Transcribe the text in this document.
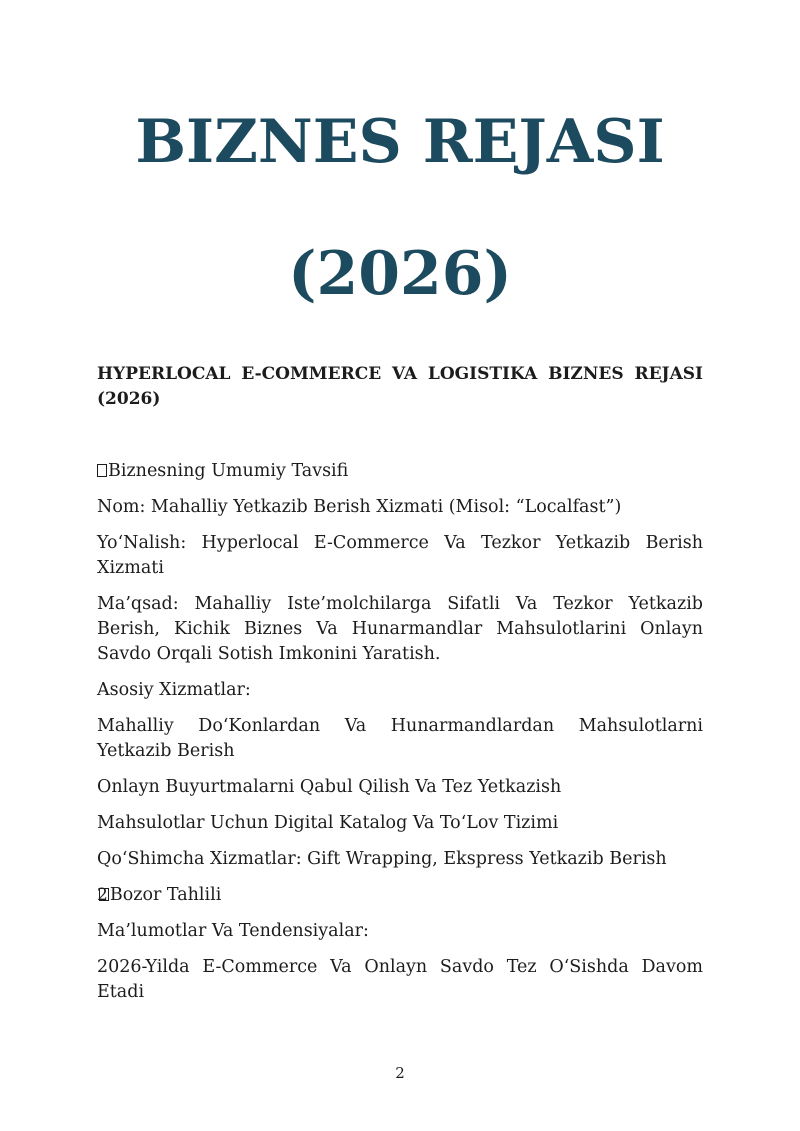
BIZNES REJASI
(2026)

HYPERLOCAL E-COMMERCE VA LOGISTIKA BIZNES REJASI (2026)

Biznesning Umumiy Tavsifi

Nom: Mahalliy Yetkazib Berish Xizmati (Misol: “Localfast”)

Yo‘Nalish: Hyperlocal E-Commerce Va Tezkor Yetkazib Berish Xizmati

Ma’qsad: Mahalliy Iste’molchilarga Sifatli Va Tezkor Yetkazib Berish, Kichik Biznes Va Hunarmandlar Mahsulotlarini Onlayn Savdo Orqali Sotish Imkonini Yaratish.

Asosiy Xizmatlar:

Mahalliy Do‘Konlardan Va Hunarmandlardan Mahsulotlarni Yetkazib Berish

Onlayn Buyurtmalarni Qabul Qilish Va Tez Yetkazish

Mahsulotlar Uchun Digital Katalog Va To‘Lov Tizimi

Qo‘Shimcha Xizmatlar: Gift Wrapping, Ekspress Yetkazib Berish

2 Bozor Tahlili

Ma’lumotlar Va Tendensiyalar:

2026-Yilda E-Commerce Va Onlayn Savdo Tez O‘Sishda Davom Etadi

2
